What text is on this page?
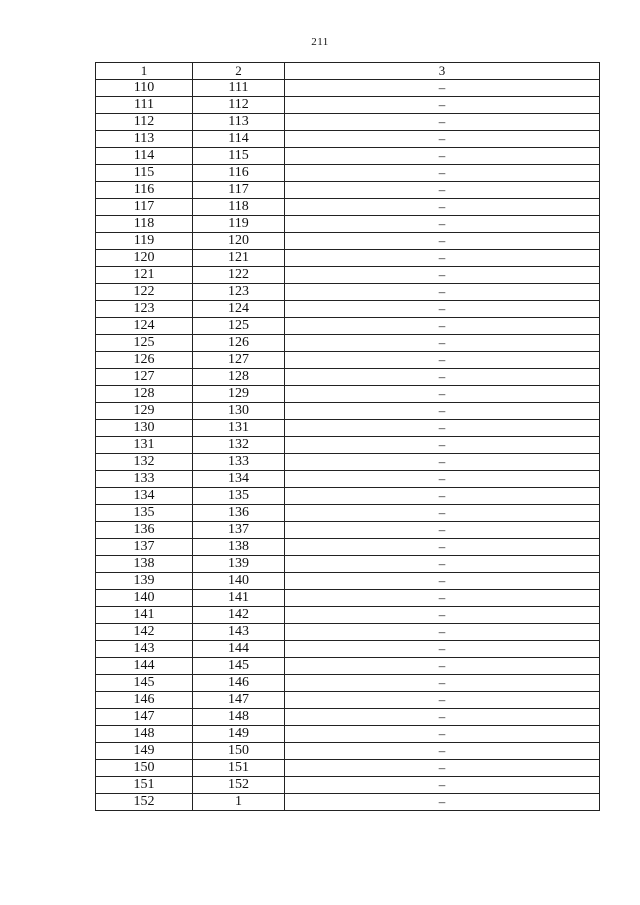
211
1	2	3
110	111	–
111	112	–
112	113	–
113	114	–
114	115	–
115	116	–
116	117	–
117	118	–
118	119	–
119	120	–
120	121	–
121	122	–
122	123	–
123	124	–
124	125	–
125	126	–
126	127	–
127	128	–
128	129	–
129	130	–
130	131	–
131	132	–
132	133	–
133	134	–
134	135	–
135	136	–
136	137	–
137	138	–
138	139	–
139	140	–
140	141	–
141	142	–
142	143	–
143	144	–
144	145	–
145	146	–
146	147	–
147	148	–
148	149	–
149	150	–
150	151	–
151	152	–
152	1	–
